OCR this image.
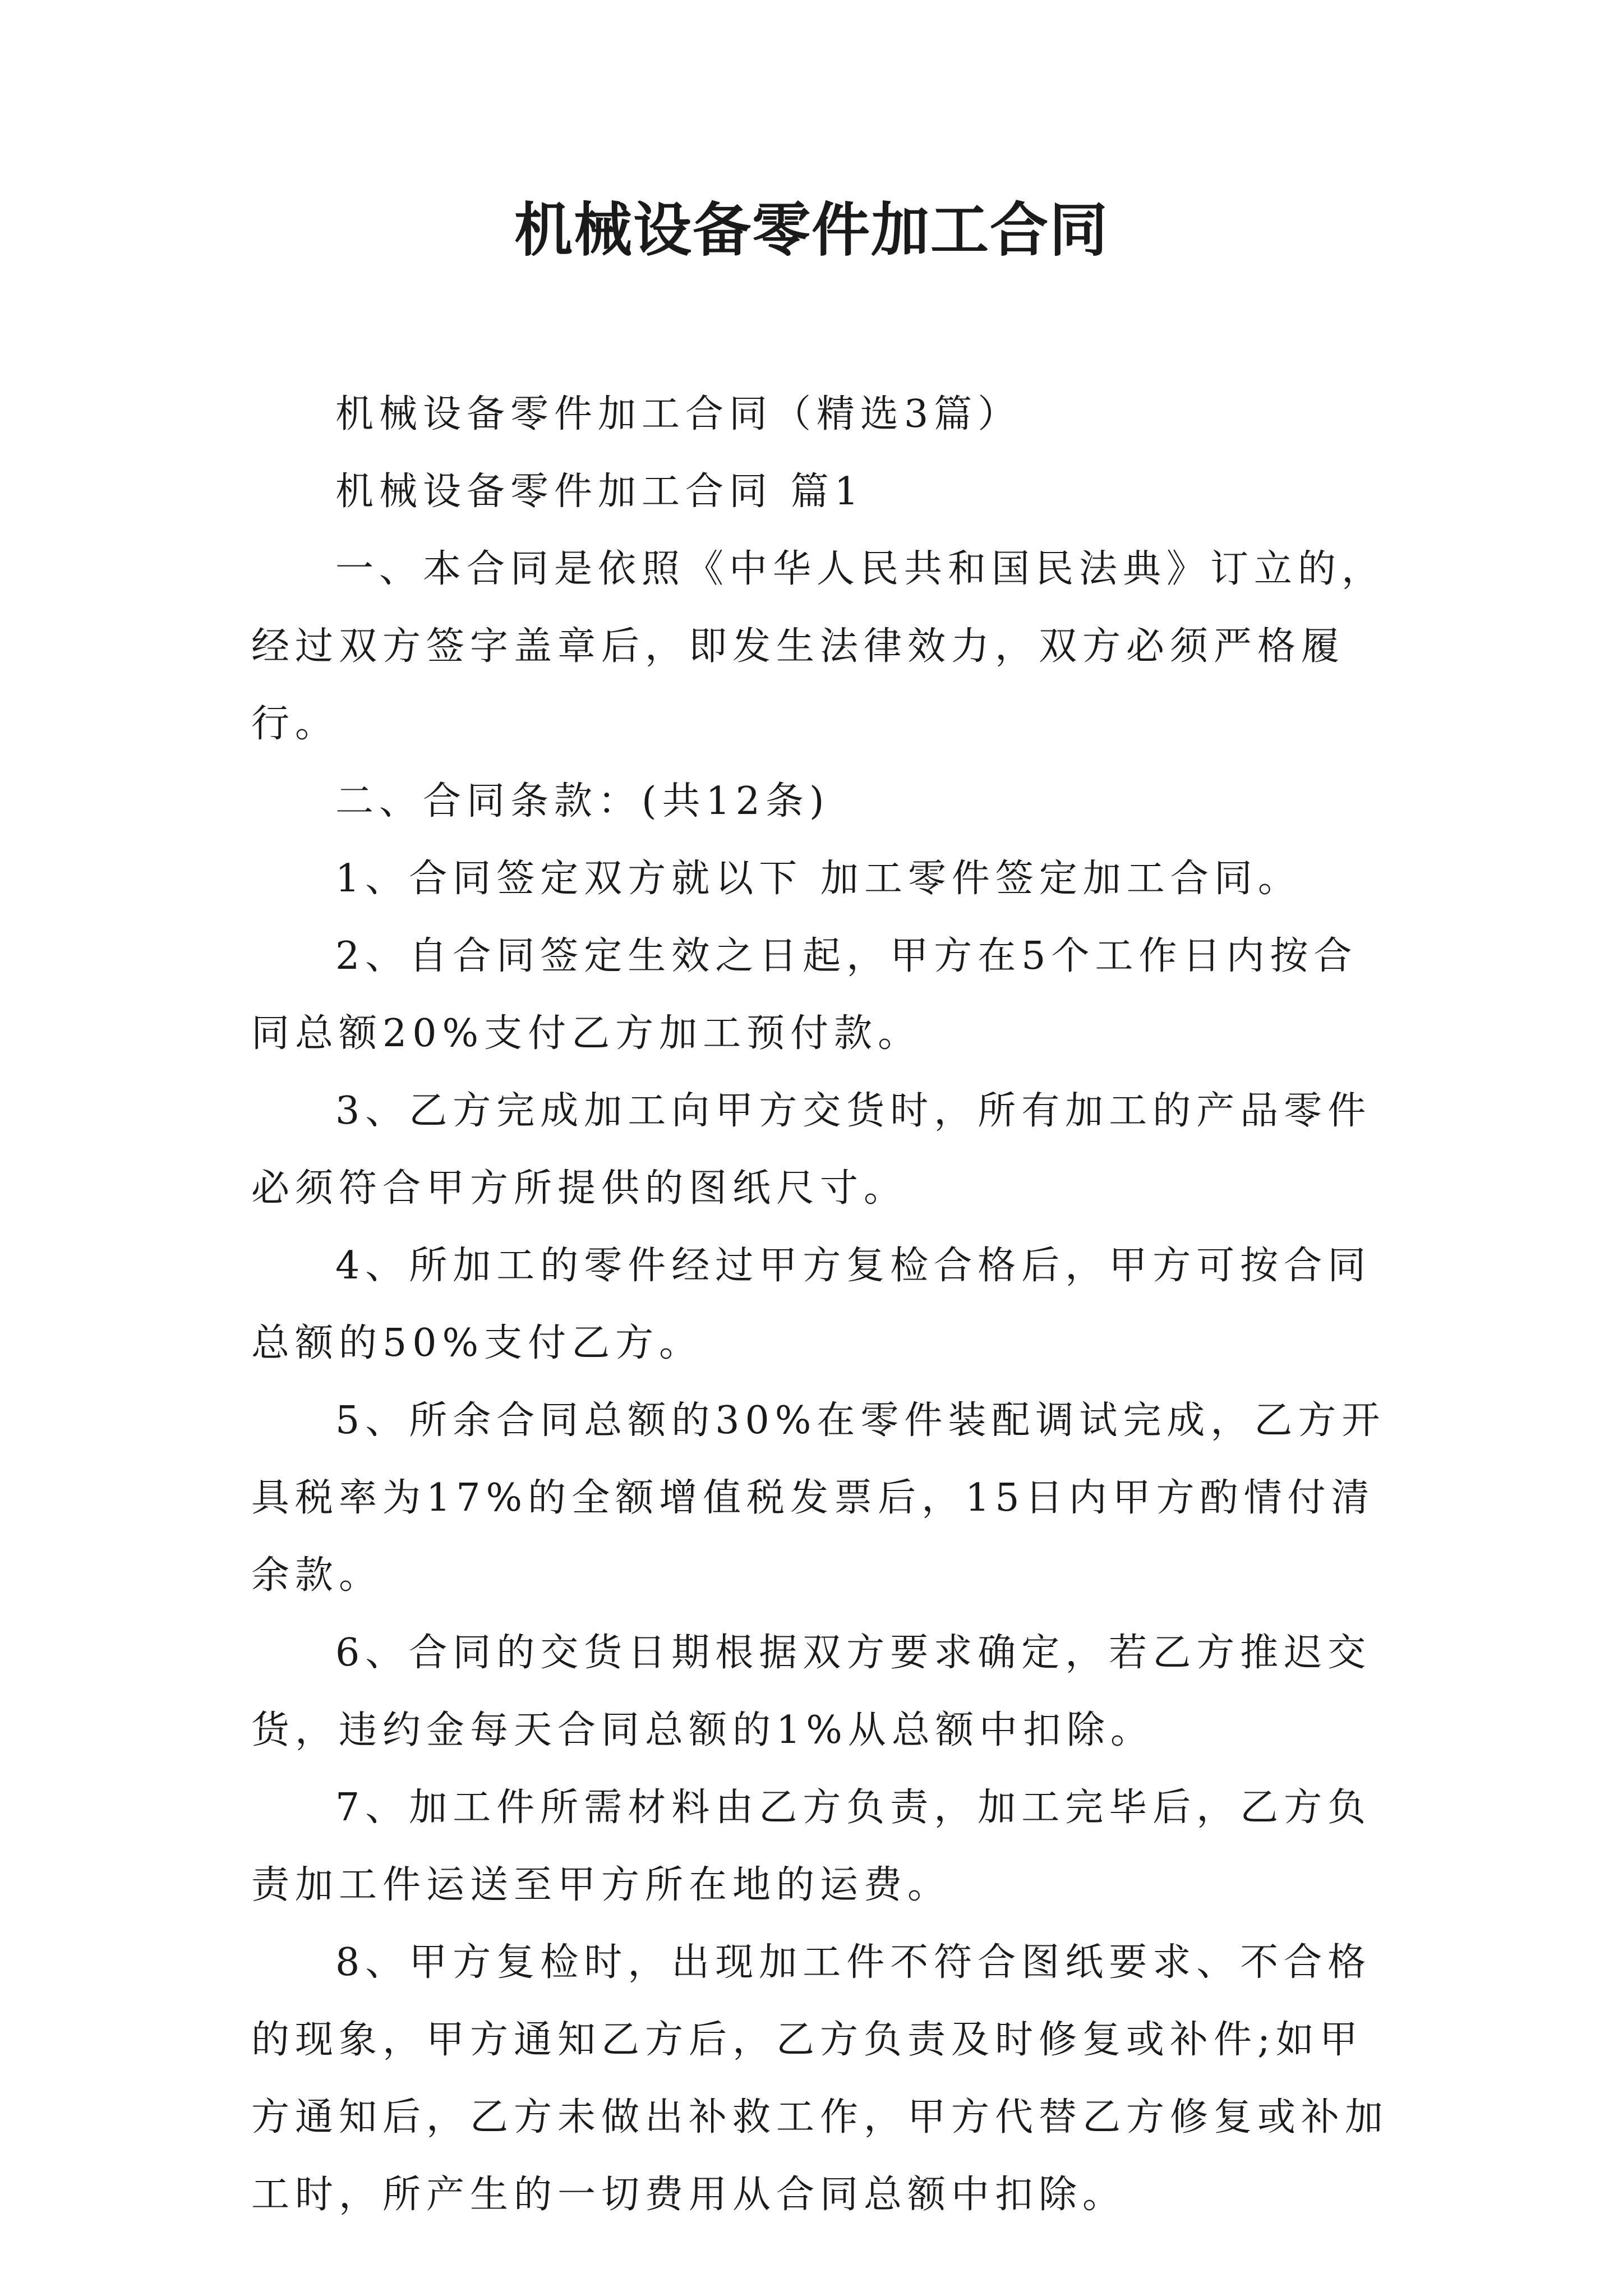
机械设备零件加工合同

机械设备零件加工合同（精选3篇）

机械设备零件加工合同 篇1

一、本合同是依照《中华人民共和国民法典》订立的，经过双方签字盖章后，即发生法律效力，双方必须严格履行。

二、合同条款：(共12条)

1、合同签定双方就以下 加工零件签定加工合同。

2、自合同签定生效之日起，甲方在5个工作日内按合同总额20%支付乙方加工预付款。

3、乙方完成加工向甲方交货时，所有加工的产品零件必须符合甲方所提供的图纸尺寸。

4、所加工的零件经过甲方复检合格后，甲方可按合同总额的50%支付乙方。

5、所余合同总额的30%在零件装配调试完成，乙方开具税率为17%的全额增值税发票后，15日内甲方酌情付清余款。

6、合同的交货日期根据双方要求确定，若乙方推迟交货，违约金每天合同总额的1%从总额中扣除。

7、加工件所需材料由乙方负责，加工完毕后，乙方负责加工件运送至甲方所在地的运费。

8、甲方复检时，出现加工件不符合图纸要求、不合格的现象，甲方通知乙方后，乙方负责及时修复或补件;如甲方通知后，乙方未做出补救工作，甲方代替乙方修复或补加工时，所产生的一切费用从合同总额中扣除。
